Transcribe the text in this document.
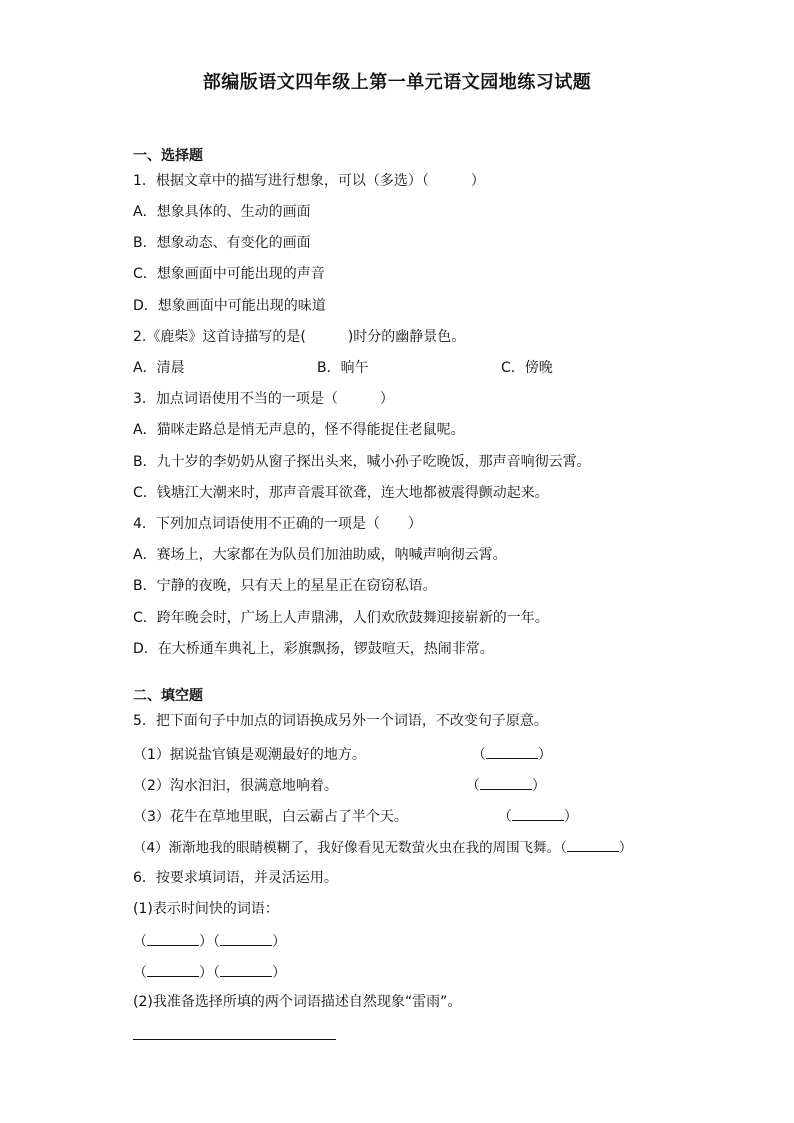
部编版语文四年级上第一单元语文园地练习试题
一、选择题
1．根据文章中的描写进行想象，可以（多选）（　　　）
A．想象具体的、生动的画面
B．想象动态、有变化的画面
C．想象画面中可能出现的声音
D．想象画面中可能出现的味道
2.《鹿柴》这首诗描写的是(　　　)时分的幽静景色。
A．清晨	B．晌午	C．傍晚
3．加点词语使用不当的一项是（　　　）
A．猫咪走路总是悄无声息的，怪不得能捉住老鼠呢。
B．九十岁的李奶奶从窗子探出头来，喊小孙子吃晚饭，那声音响彻云霄。
C．钱塘江大潮来时，那声音震耳欲聋，连大地都被震得颤动起来。
4．下列加点词语使用不正确的一项是（　　）
A．赛场上，大家都在为队员们加油助威，呐喊声响彻云霄。
B．宁静的夜晚，只有天上的星星正在窃窃私语。
C．跨年晚会时，广场上人声鼎沸，人们欢欣鼓舞迎接崭新的一年。
D．在大桥通车典礼上，彩旗飘扬，锣鼓喧天，热闹非常。
二、填空题
5．把下面句子中加点的词语换成另外一个词语，不改变句子原意。
（1）据说盐官镇是观潮最好的地方。	（	）
（2）沟水汩汩，很满意地响着。	（	）
（3）花牛在草地里眠，白云霸占了半个天。	（	）
（4）渐渐地我的眼睛模糊了，我好像看见无数萤火虫在我的周围飞舞。（	）
6．按要求填词语，并灵活运用。
(1)表示时间快的词语：
（	）（	）
（	）（	）
(2)我准备选择所填的两个词语描述自然现象“雷雨”。
